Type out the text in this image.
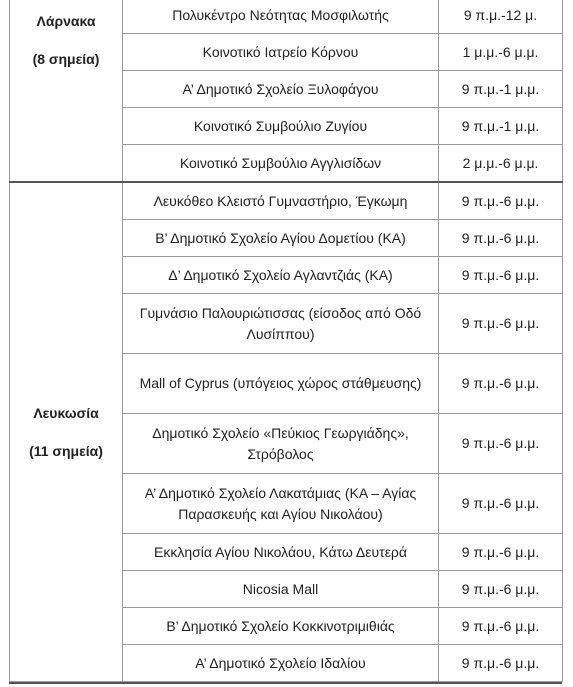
Λάρνακα

(8 σημεία)	Πολυκέντρο Νεότητας Μοσφιλωτής	9 π.μ.-12 μ.
	Κοινοτικό Ιατρείο Κόρνου	1 μ.μ.-6 μ.μ.
	Α’ Δημοτικό Σχολείο Ξυλοφάγου	9 π.μ.-1 μ.μ.
	Κοινοτικό Συμβούλιο Ζυγίου	9 π.μ.-1 μ.μ.
	Κοινοτικό Συμβούλιο Αγγλισίδων	2 μ.μ.-6 μ.μ.

Λευκωσία

(11 σημεία)	Λευκόθεο Κλειστό Γυμναστήριο, Έγκωμη	9 π.μ.-6 μ.μ.
	Β’ Δημοτικό Σχολείο Αγίου Δομετίου (ΚΑ)	9 π.μ.-6 μ.μ.
	Δ’ Δημοτικό Σχολείο Αγλαντζιάς (ΚΑ)	9 π.μ.-6 μ.μ.
	Γυμνάσιο Παλουριώτισσας (είσοδος από Οδό Λυσίππου)	9 π.μ.-6 μ.μ.
	Mall of Cyprus (υπόγειος χώρος στάθμευσης)	9 π.μ.-6 μ.μ.
	Δημοτικό Σχολείο «Πεύκιος Γεωργιάδης», Στρόβολος	9 π.μ.-6 μ.μ.
	Α’ Δημοτικό Σχολείο Λακατάμιας (ΚΑ – Αγίας Παρασκευής και Αγίου Νικολάου)	9 π.μ.-6 μ.μ.
	Εκκλησία Αγίου Νικολάου, Κάτω Δευτερά	9 π.μ.-6 μ.μ.
	Nicosia Mall	9 π.μ.-6 μ.μ.
	Β’ Δημοτικό Σχολείο Κοκκινοτριμιθιάς	9 π.μ.-6 μ.μ.
	Α’ Δημοτικό Σχολείο Ιδαλίου	9 π.μ.-6 μ.μ.
